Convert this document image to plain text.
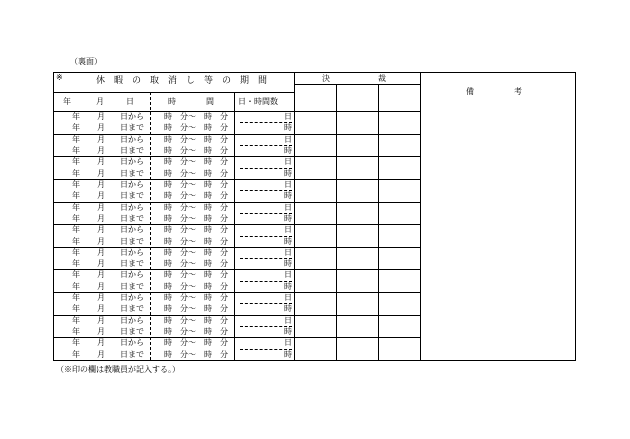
（裏面）
※	休　暇　の　取　消　し　等　の　期　間	決　　　　　　裁
備　　　　　考
年	月	日	時	間	日・時間数
年 月 日から	時　分〜　時　分	日
年 月 日まで	時　分〜　時　分	時
年 月 日から	時　分〜　時　分	日
年 月 日まで	時　分〜　時　分	時
年 月 日から	時　分〜　時　分	日
年 月 日まで	時　分〜　時　分	時
年 月 日から	時　分〜　時　分	日
年 月 日まで	時　分〜　時　分	時
年 月 日から	時　分〜　時　分	日
年 月 日まで	時　分〜　時　分	時
年 月 日から	時　分〜　時　分	日
年 月 日まで	時　分〜　時　分	時
年 月 日から	時　分〜　時　分	日
年 月 日まで	時　分〜　時　分	時
年 月 日から	時　分〜　時　分	日
年 月 日まで	時　分〜　時　分	時
年 月 日から	時　分〜　時　分	日
年 月 日まで	時　分〜　時　分	時
年 月 日から	時　分〜　時　分	日
年 月 日まで	時　分〜　時　分	時
年 月 日から	時　分〜　時　分	日
年 月 日まで	時　分〜　時　分	時
（※印の欄は教職員が記入する。）
